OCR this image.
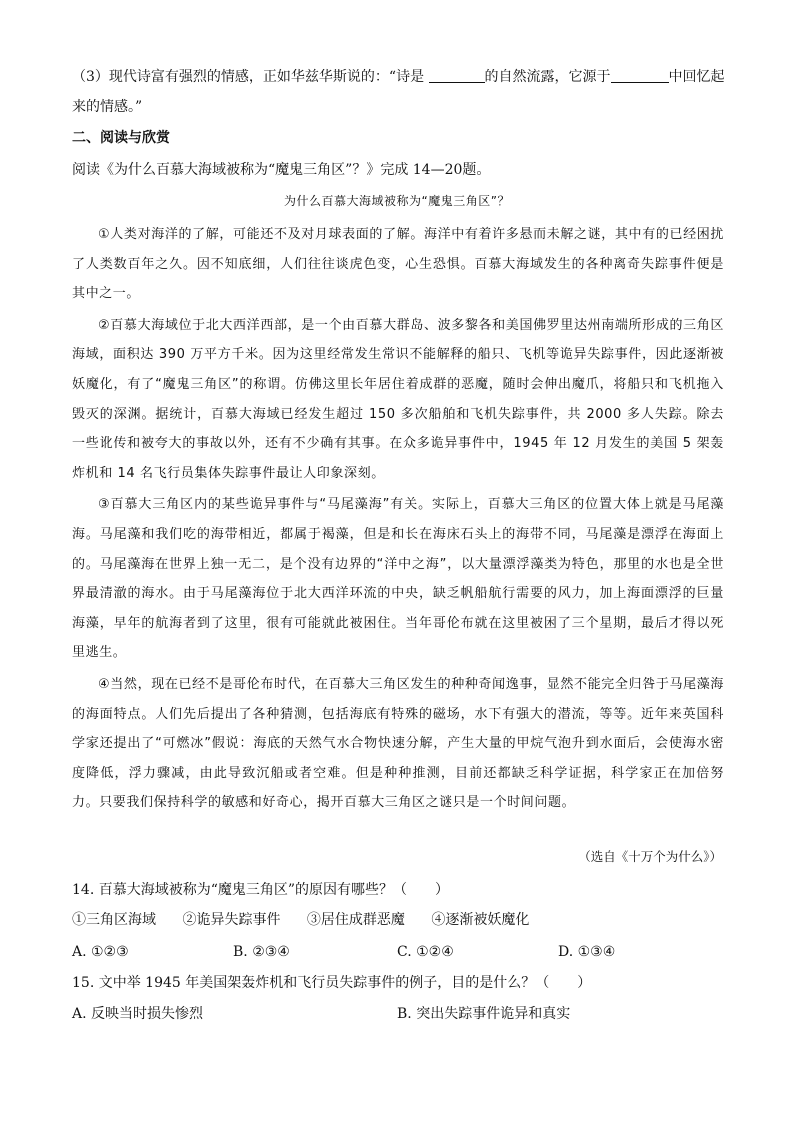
（3）现代诗富有强烈的情感，正如华兹华斯说的：“诗是	的自然流露，它源于	中回忆起
来的情感。”
二、阅读与欣赏
阅读《为什么百慕大海域被称为“魔鬼三角区”？》完成 14—20题。
为什么百慕大海域被称为“魔鬼三角区”？

①人类对海洋的了解，可能还不及对月球表面的了解。海洋中有着许多悬而未解之谜，其中有的已经困扰了人类数百年之久。因不知底细，人们往往谈虎色变，心生恐惧。百慕大海域发生的各种离奇失踪事件便是其中之一。

②百慕大海域位于北大西洋西部，是一个由百慕大群岛、波多黎各和美国佛罗里达州南端所形成的三角区海域，面积达 390 万平方千米。因为这里经常发生常识不能解释的船只、飞机等诡异失踪事件，因此逐渐被妖魔化，有了“魔鬼三角区”的称谓。仿佛这里长年居住着成群的恶魔，随时会伸出魔爪，将船只和飞机拖入毁灭的深渊。据统计，百慕大海域已经发生超过 150 多次船舶和飞机失踪事件，共 2000 多人失踪。除去一些讹传和被夸大的事故以外，还有不少确有其事。在众多诡异事件中，1945 年 12 月发生的美国 5 架轰炸机和 14 名飞行员集体失踪事件最让人印象深刻。

③百慕大三角区内的某些诡异事件与“马尾藻海”有关。实际上，百慕大三角区的位置大体上就是马尾藻海。马尾藻和我们吃的海带相近，都属于褐藻，但是和长在海床石头上的海带不同，马尾藻是漂浮在海面上的。马尾藻海在世界上独一无二，是个没有边界的“洋中之海”，以大量漂浮藻类为特色，那里的水也是全世界最清澈的海水。由于马尾藻海位于北大西洋环流的中央，缺乏帆船航行需要的风力，加上海面漂浮的巨量海藻，早年的航海者到了这里，很有可能就此被困住。当年哥伦布就在这里被困了三个星期，最后才得以死里逃生。

④当然，现在已经不是哥伦布时代，在百慕大三角区发生的种种奇闻逸事，显然不能完全归咎于马尾藻海的海面特点。人们先后提出了各种猜测，包括海底有特殊的磁场，水下有强大的潜流，等等。近年来英国科学家还提出了“可燃冰”假说：海底的天然气水合物快速分解，产生大量的甲烷气泡升到水面后，会使海水密度降低，浮力骤减，由此导致沉船或者空难。但是种种推测，目前还都缺乏科学证据，科学家正在加倍努力。只要我们保持科学的敏感和好奇心，揭开百慕大三角区之谜只是一个时间问题。

（选自《十万个为什么》）
14. 百慕大海域被称为“魔鬼三角区”的原因有哪些？（　　）
①三角区海域 ②诡异失踪事件 ③居住成群恶魔 ④逐渐被妖魔化
A. ①②③	B. ②③④	C. ①②④	D. ①③④
15. 文中举 1945 年美国架轰炸机和飞行员失踪事件的例子，目的是什么？（　　）
A. 反映当时损失惨烈	B. 突出失踪事件诡异和真实
